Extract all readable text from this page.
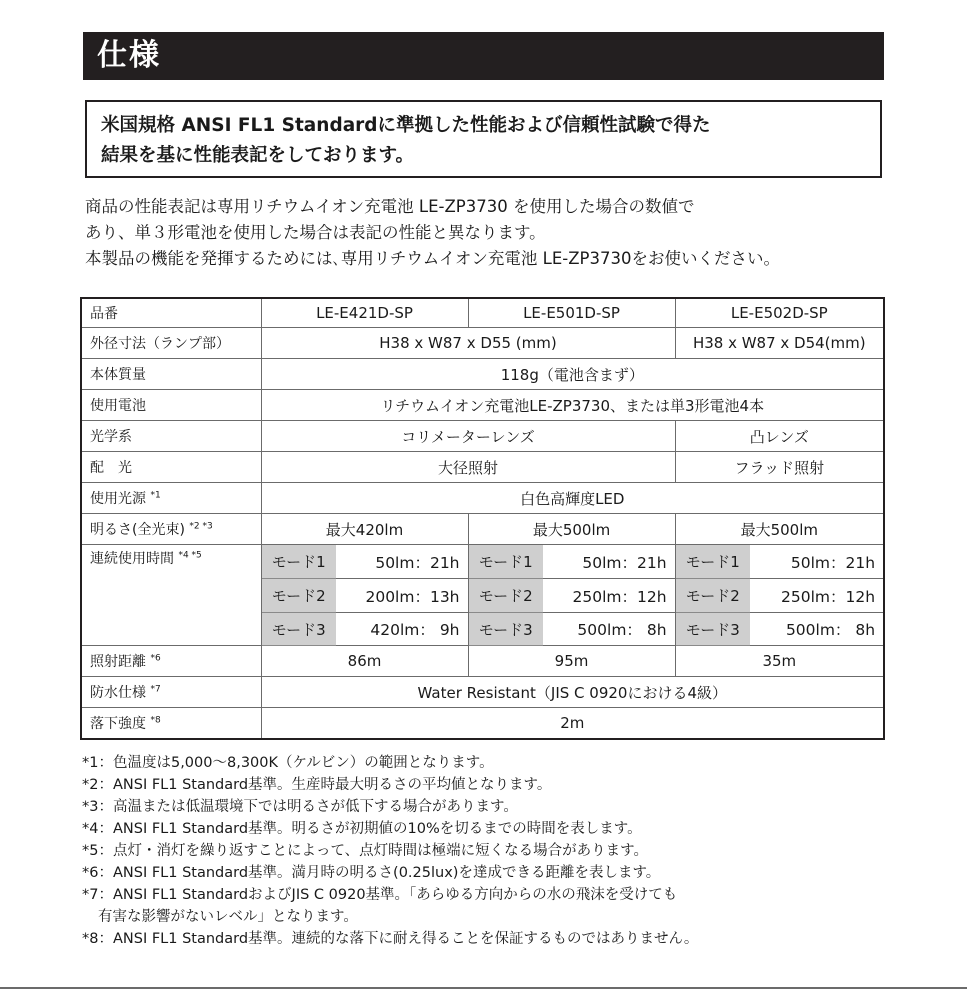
仕様
米国規格 ANSI FL1 Standardに準拠した性能および信頼性試験で得た
結果を基に性能表記をしております。
商品の性能表記は専用リチウムイオン充電池 LE-ZP3730 を使用した場合の数値で
あり、単３形電池を使用した場合は表記の性能と異なります。
本製品の機能を発揮するためには､専用リチウムイオン充電池 LE-ZP3730をお使いください。
品番	LE-E421D-SP		LE-E501D-SP		LE-E502D-SP	
外径寸法（ランプ部）	H38 x W87 x D55 (mm)				H38 x W87 x D54(mm)	
本体質量	118g（電池含まず）					
使用電池	リチウムイオン充電池LE-ZP3730、または単3形電池4本					
光学系	コリメーターレンズ				凸レンズ	
配　光	大径照射				フラッド照射	
使用光源 $^{*1}$	白色高輝度LED					
明るさ(全光束) $^{*2 *3}$	最大420lm		最大500lm		最大500lm	
連続使用時間 $^{*4 *5}$	モード1	50lm：21h	モード1	50lm：21h	モード1	50lm：21h
	モード2	200lm：13h	モード2	250lm：12h	モード2	250lm：12h
	モード3	420lm： 9h	モード3	500lm： 8h	モード3	500lm： 8h
照射距離 $^{*6}$	86m		95m		35m	
防水仕様 $^{*7}$	Water Resistant（JIS C 0920における4級）					
落下強度 $^{*8}$	2m					
*1：色温度は5,000～8,300K（ケルビン）の範囲となります。
*2：ANSI FL1 Standard基準。生産時最大明るさの平均値となります。
*3：高温または低温環境下では明るさが低下する場合があります。
*4：ANSI FL1 Standard基準。明るさが初期値の10%を切るまでの時間を表します。
*5：点灯・消灯を繰り返すことによって、点灯時間は極端に短くなる場合があります。
*6：ANSI FL1 Standard基準。満月時の明るさ(0.25lux)を達成できる距離を表します。
*7：ANSI FL1 StandardおよびJIS C 0920基準。「あらゆる方向からの水の飛沫を受けても
有害な影響がないレベル」となります。
*8：ANSI FL1 Standard基準。連続的な落下に耐え得ることを保証するものではありません。
